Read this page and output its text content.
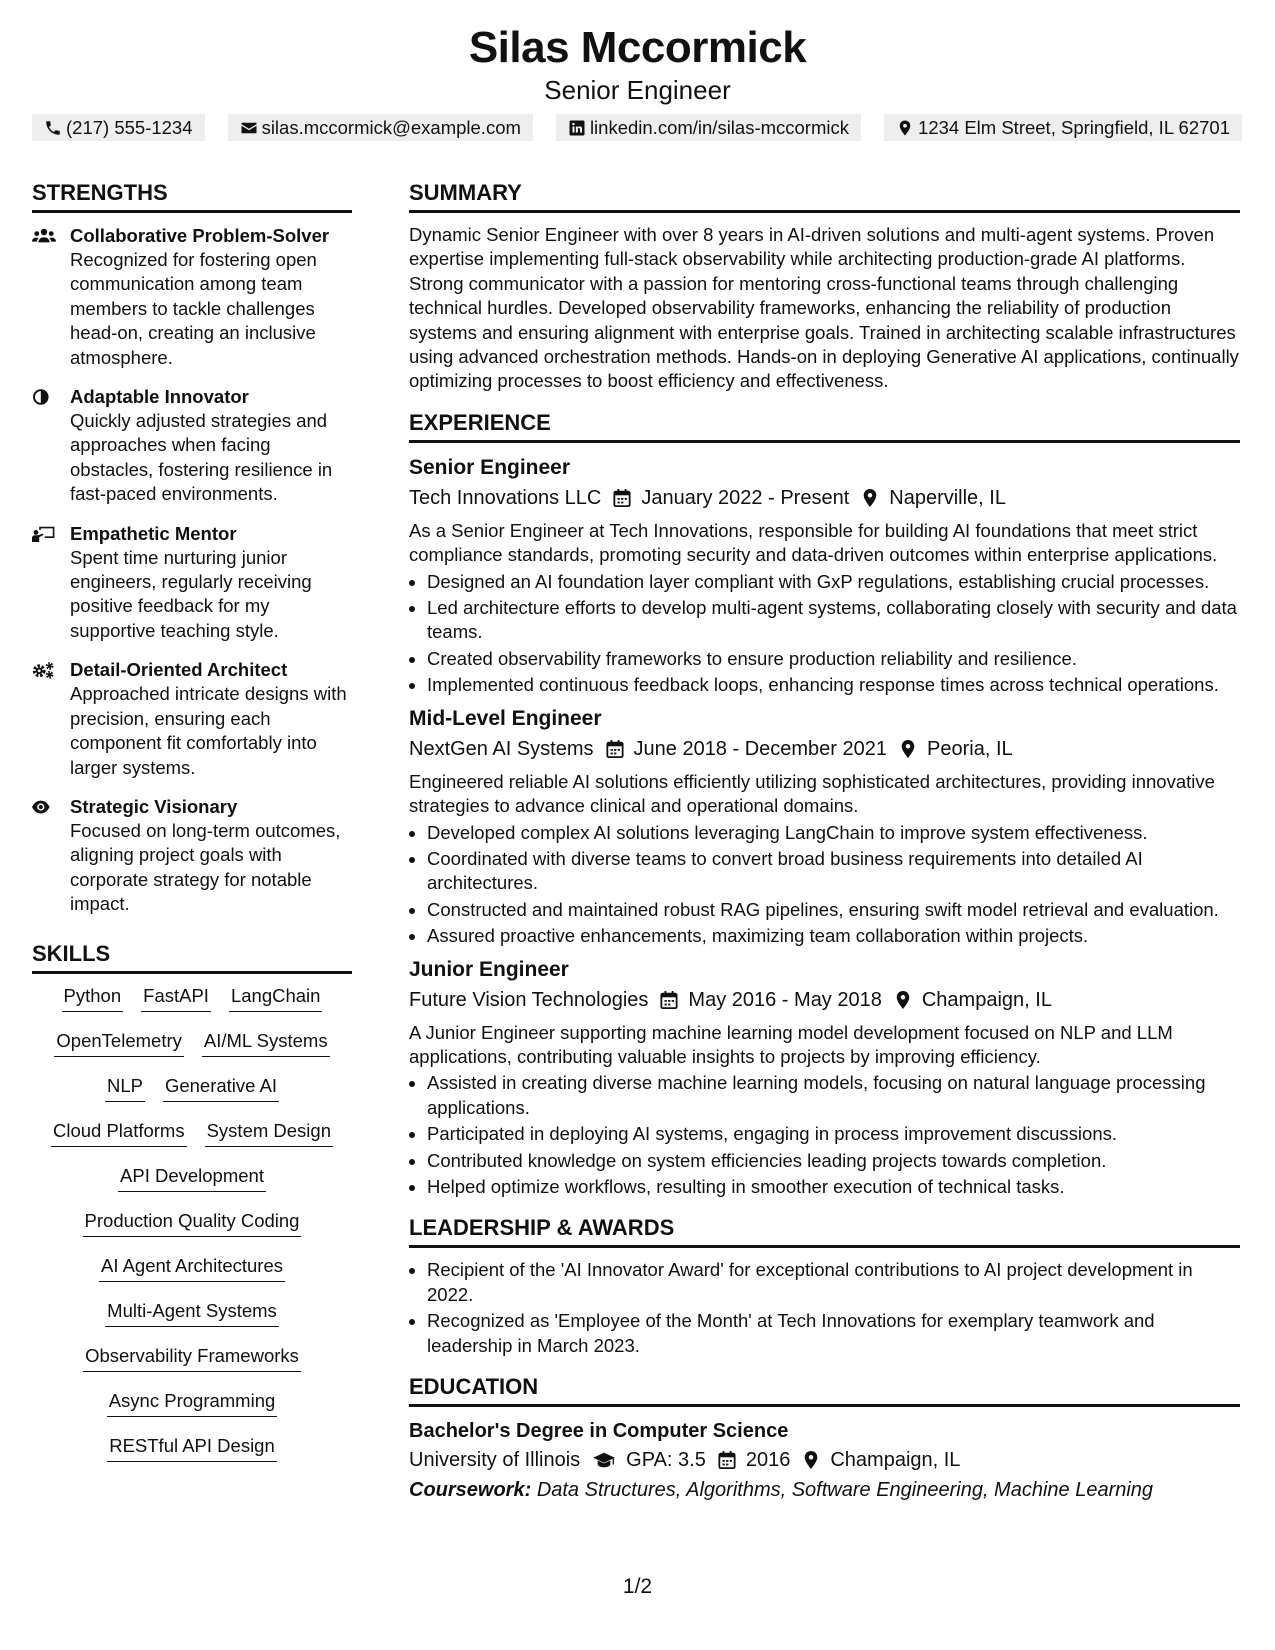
Silas Mccormick
Senior Engineer
(217) 555-1234	silas.mccormick@example.com	linkedin.com/in/silas-mccormick	1234 Elm Street, Springfield, IL 62701
STRENGTHS
Collaborative Problem-Solver
Recognized for fostering open communication among team members to tackle challenges head-on, creating an inclusive atmosphere.
Adaptable Innovator
Quickly adjusted strategies and approaches when facing obstacles, fostering resilience in fast-paced environments.
Empathetic Mentor
Spent time nurturing junior engineers, regularly receiving positive feedback for my supportive teaching style.
Detail-Oriented Architect
Approached intricate designs with precision, ensuring each component fit comfortably into larger systems.
Strategic Visionary
Focused on long-term outcomes, aligning project goals with corporate strategy for notable impact.
SKILLS
Python FastAPI LangChain
OpenTelemetry AI/ML Systems
NLP Generative AI
Cloud Platforms System Design
API Development
Production Quality Coding
AI Agent Architectures
Multi-Agent Systems
Observability Frameworks
Async Programming
RESTful API Design
SUMMARY
Dynamic Senior Engineer with over 8 years in AI-driven solutions and multi-agent systems. Proven expertise implementing full-stack observability while architecting production-grade AI platforms. Strong communicator with a passion for mentoring cross-functional teams through challenging technical hurdles. Developed observability frameworks, enhancing the reliability of production systems and ensuring alignment with enterprise goals. Trained in architecting scalable infrastructures using advanced orchestration methods. Hands-on in deploying Generative AI applications, continually optimizing processes to boost efficiency and effectiveness.
EXPERIENCE
Senior Engineer
Tech Innovations LLC January 2022 - Present Naperville, IL
As a Senior Engineer at Tech Innovations, responsible for building AI foundations that meet strict compliance standards, promoting security and data-driven outcomes within enterprise applications.
• Designed an AI foundation layer compliant with GxP regulations, establishing crucial processes.
• Led architecture efforts to develop multi-agent systems, collaborating closely with security and data teams.
• Created observability frameworks to ensure production reliability and resilience.
• Implemented continuous feedback loops, enhancing response times across technical operations.
Mid-Level Engineer
NextGen AI Systems June 2018 - December 2021 Peoria, IL
Engineered reliable AI solutions efficiently utilizing sophisticated architectures, providing innovative strategies to advance clinical and operational domains.
• Developed complex AI solutions leveraging LangChain to improve system effectiveness.
• Coordinated with diverse teams to convert broad business requirements into detailed AI architectures.
• Constructed and maintained robust RAG pipelines, ensuring swift model retrieval and evaluation.
• Assured proactive enhancements, maximizing team collaboration within projects.
Junior Engineer
Future Vision Technologies May 2016 - May 2018 Champaign, IL
A Junior Engineer supporting machine learning model development focused on NLP and LLM applications, contributing valuable insights to projects by improving efficiency.
• Assisted in creating diverse machine learning models, focusing on natural language processing applications.
• Participated in deploying AI systems, engaging in process improvement discussions.
• Contributed knowledge on system efficiencies leading projects towards completion.
• Helped optimize workflows, resulting in smoother execution of technical tasks.
LEADERSHIP & AWARDS
• Recipient of the 'AI Innovator Award' for exceptional contributions to AI project development in 2022.
• Recognized as 'Employee of the Month' at Tech Innovations for exemplary teamwork and leadership in March 2023.
EDUCATION
Bachelor's Degree in Computer Science
University of Illinois GPA: 3.5 2016 Champaign, IL
Coursework: Data Structures, Algorithms, Software Engineering, Machine Learning
1/2
